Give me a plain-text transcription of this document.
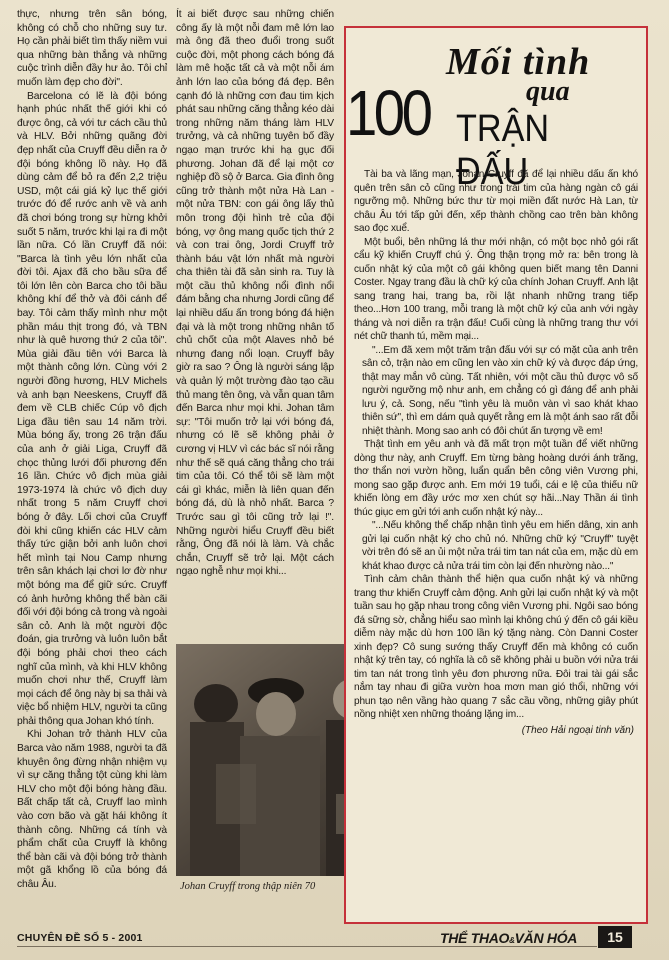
thực, nhưng trên sân bóng, không có chỗ cho những suy tư. Họ cần phải biết tìm thấy niềm vui qua những bàn thắng và những cuộc trình diễn đầy hư ảo. Tôi chỉ muốn làm đẹp cho đời".

Barcelona có lẽ là đội bóng hạnh phúc nhất thế giới khi có được ông, cả với tư cách cầu thủ và HLV. Bởi những quãng đời đẹp nhất của Cruyff đều diễn ra ở đội bóng không lồ này. Họ đã dùng cảm để bỏ ra đến 2,2 triệu USD, một cái giá kỷ lục thế giới trước đó để rước anh về và anh đã chơi bóng trong sự hừng khởi suốt 5 năm, trước khi lại ra đi một lần nữa. Có lần Cruyff đã nói: "Barca là tình yêu lớn nhất của đời tôi. Ajax đã cho bầu sữa để tôi lớn lên còn Barca cho tôi bầu không khí để thở và đôi cánh để bay. Tôi cảm thấy mình như một phần máu thịt trong đó, và TBN như là quê hương thứ 2 của tôi". Mùa giải đầu tiên với Barca là một thành công lớn. Cùng với 2 người đồng hương, HLV Michels và anh bạn Neeskens, Cruyff đã đem về CLB chiếc Cúp vô địch Liga đầu tiên sau 14 năm trời. Mùa bóng ấy, trong 26 trận đấu của anh ở giải Liga, Cruyff đã chọc thủng lưới đối phương đến 16 lần. Chức vô địch mùa giải 1973-1974 là chức vô địch duy nhất trong 5 năm Cruyff chơi bóng ở đây. Lối chơi của Cruyff đòi khi cũng khiến các HLV cảm thấy tức giận bởi anh luôn chơi hết mình tại Nou Camp nhưng trên sân khách lại chơi lơ đờ như một bóng ma để giữ sức. Cruyff có ảnh hưởng không thể bàn cãi đối với đội bóng cả trong và ngoài sân cỏ. Anh là một người độc đoán, gia trưởng và luôn luôn bắt đội bóng phải chơi theo cách nghĩ của mình, và khi HLV không muốn chơi như thế, Cruyff làm mọi cách để ông này bị sa thải và việc bổ nhiệm HLV, người ta cũng phải thông qua Johan khó tính.

Khi Johan trở thành HLV của Barca vào năm 1988, người ta đã khuyên ông đừng nhận nhiệm vụ vì sự căng thẳng tột cùng khi làm HLV cho một đội bóng hàng đầu. Bất chấp tất cả, Cruyff lao mình vào cơn bão và gặt hái không ít thành công. Những cá tính và phẩm chất của Cruyff là không thể bàn cãi và đội bóng trở thành một gã khổng lồ của bóng đá châu Âu.

Ít ai biết được sau những chiến công ấy là một nỗi đam mê lớn lao mà ông đã theo đuổi trong suốt cuộc đời, một phong cách bóng đá làm mê hoặc tất cả và một nỗi ám ảnh lớn lao của bóng đá đẹp. Bên cạnh đó là những cơn đau tim kịch phát sau những căng thẳng kéo dài trong những năm tháng làm HLV trưởng, và cả những tuyên bố đầy ngạo mạn trước khi hạ gục đối phương. Johan đã để lại một cơ nghiệp đồ sộ ở Barca. Gia đình ông cũng trở thành một nửa Hà Lan - một nửa TBN: con gái ông lấy thủ môn trong đội hình trẻ của đội bóng, vợ ông mang quốc tịch thứ 2 và con trai ông, Jordi Cruyff trở thành báu vật lớn nhất mà người cha thiên tài đã sản sinh ra. Tuy là một cầu thủ không nổi đình nổi đám bằng cha nhưng Jordi cũng để lại nhiều dấu ấn trong bóng đá hiện đại và là một trong những nhân tố chủ chốt của một Alaves nhỏ bé nhưng đang nổi loạn. Cruyff bây giờ ra sao ? Ông là người sáng lập và quản lý một trường đào tạo cầu thủ mang tên ông, và vẫn quan tâm đến Barca như mọi khi. Johan tâm sự: "Tôi muốn trở lại với bóng đá, nhưng có lẽ sẽ không phải ở cương vị HLV vì các bác sĩ nói rằng như thế sẽ quá căng thẳng cho trái tim của tôi. Có thể tôi sẽ làm một cái gì khác, miễn là liên quan đến bóng đá, dù là nhỏ nhất. Barca ? Trước sau gì tôi cũng trở lại !". Những người hiểu Cruyff đều biết rằng, Ông đã nói là làm. Và chắc chắn, Cruyff sẽ trở lại. Một cách ngạo nghễ như mọi khi...

Johan Cruyff trong thập niên 70
Mối tình
qua
100 TRẬN ĐẤU

Tài ba và lãng mạn, Johan Cruyff đã để lại nhiều dấu ấn khó quên trên sân cỏ cũng như trong trái tim của hàng ngàn cô gái ngưỡng mộ. Những bức thư từ mọi miền đất nước Hà Lan, từ châu Âu tới tấp gửi đến, xếp thành chồng cao trên bàn không sao đọc xuể.

Một buổi, bên những lá thư mới nhận, có một bọc nhỏ gói rất cẩu kỹ khiến Cruyff chú ý. Ông thận trọng mở ra: bên trong là cuốn nhật ký của một cô gái không quen biết mang tên Danni Coster. Ngay trang đầu là chữ ký của chính Johan Cruyff. Anh lật sang trang hai, trang ba, rồi lật nhanh những trang tiếp theo...Hơn 100 trang, mỗi trang là một chữ ký của anh với ngày tháng và nơi diễn ra trận đấu! Cuối cùng là những trang thư với nét chữ thanh tú, mềm mại...

"...Em đã xem một trăm trận đấu với sự có mặt của anh trên sân cỏ, trận nào em cũng len vào xin chữ ký và được đáp ứng, thật may mắn vô cùng. Tất nhiên, với một cầu thủ được vô số người ngưỡng mộ như anh, em chẳng có gì đáng để anh phải lưu ý, cả. Song, nếu "tình yêu là muôn vàn vì sao khát khao thiên sứ", thì em dám quả quyết rằng em là một ánh sao rất đỗi nhiệt thành. Mong sao anh có đôi chút ấn tượng về em!

Thật tình em yêu anh và đã mất trọn một tuần để viết những dòng thư này, anh Cruyff. Em từng bàng hoàng dưới ánh trăng, thơ thẩn nơi vườn hồng, luẩn quẩn bên công viên Vương phi, mong sao gặp được anh. Em mới 19 tuổi, cái e lệ của thiếu nữ khiến lòng em đầy ước mơ xen chút sợ hãi...Nay Thần ái tình thúc giục em gửi tới anh cuốn nhật ký này...

"...Nếu không thể chấp nhận tình yêu em hiến dâng, xin anh gửi lại cuốn nhật ký cho chủ nó. Những chữ ký "Cruyff" tuyệt vời trên đó sẽ an ủi một nửa trái tim tan nát của em, mặc dù em khát khao được cả nửa trái tim còn lại đến nhường nào..."

Tình cảm chân thành thể hiện qua cuốn nhật ký và những trang thư khiến Cruyff cảm động. Anh gửi lại cuốn nhật ký và một tuần sau họ gặp nhau trong công viên Vương phi. Ngôi sao bóng đá sững sờ, chẳng hiểu sao mình lại không chú ý đến cô gái kiều diễm này mặc dù hơn 100 lần ký tặng nàng. Còn Danni Coster xinh đẹp? Cô sung sướng thấy Cruyff đến mà không có cuốn nhật ký trên tay, có nghĩa là cô sẽ không phải u buồn với nửa trái tim tan nát trong tình yêu đơn phương nữa. Đôi trai tài gái sắc nắm tay nhau đi giữa vườn hoa mơn man gió thổi, những với phun tạo nên vầng hào quang 7 sắc cầu vồng, những giây phút nồng nhiệt xen những thoáng lặng im...

(Theo Hải ngoại tinh văn)
CHUYÊN ĐỀ SỐ 5 - 2001	THỂ THAO&VĂN HÓA	15
